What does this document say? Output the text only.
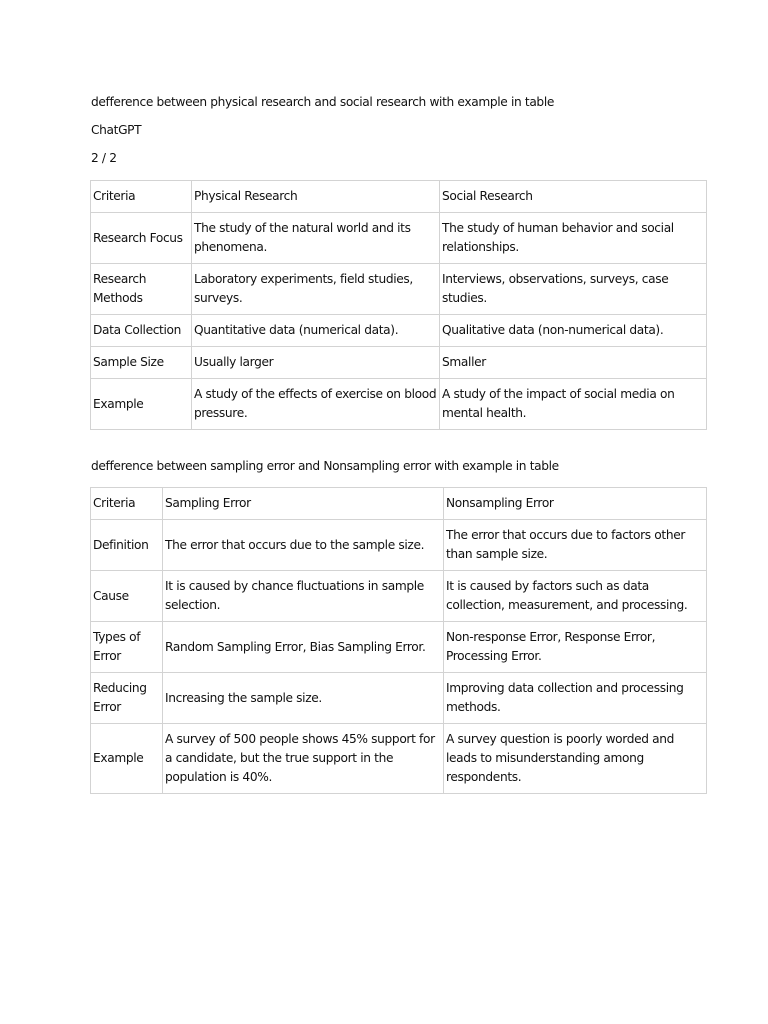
defference between physical research and social research with example in table

ChatGPT

2 / 2

Criteria	Physical Research	Social Research
Research Focus	The study of the natural world and its phenomena.	The study of human behavior and social relationships.
Research Methods	Laboratory experiments, field studies, surveys.	Interviews, observations, surveys, case studies.
Data Collection	Quantitative data (numerical data).	Qualitative data (non-numerical data).
Sample Size	Usually larger	Smaller
Example	A study of the effects of exercise on blood pressure.	A study of the impact of social media on mental health.

defference between sampling error and Nonsampling error with example in table

Criteria	Sampling Error	Nonsampling Error
Definition	The error that occurs due to the sample size.	The error that occurs due to factors other than sample size.
Cause	It is caused by chance fluctuations in sample selection.	It is caused by factors such as data collection, measurement, and processing.
Types of Error	Random Sampling Error, Bias Sampling Error.	Non-response Error, Response Error, Processing Error.
Reducing Error	Increasing the sample size.	Improving data collection and processing methods.
Example	A survey of 500 people shows 45% support for a candidate, but the true support in the population is 40%.	A survey question is poorly worded and leads to misunderstanding among respondents.
